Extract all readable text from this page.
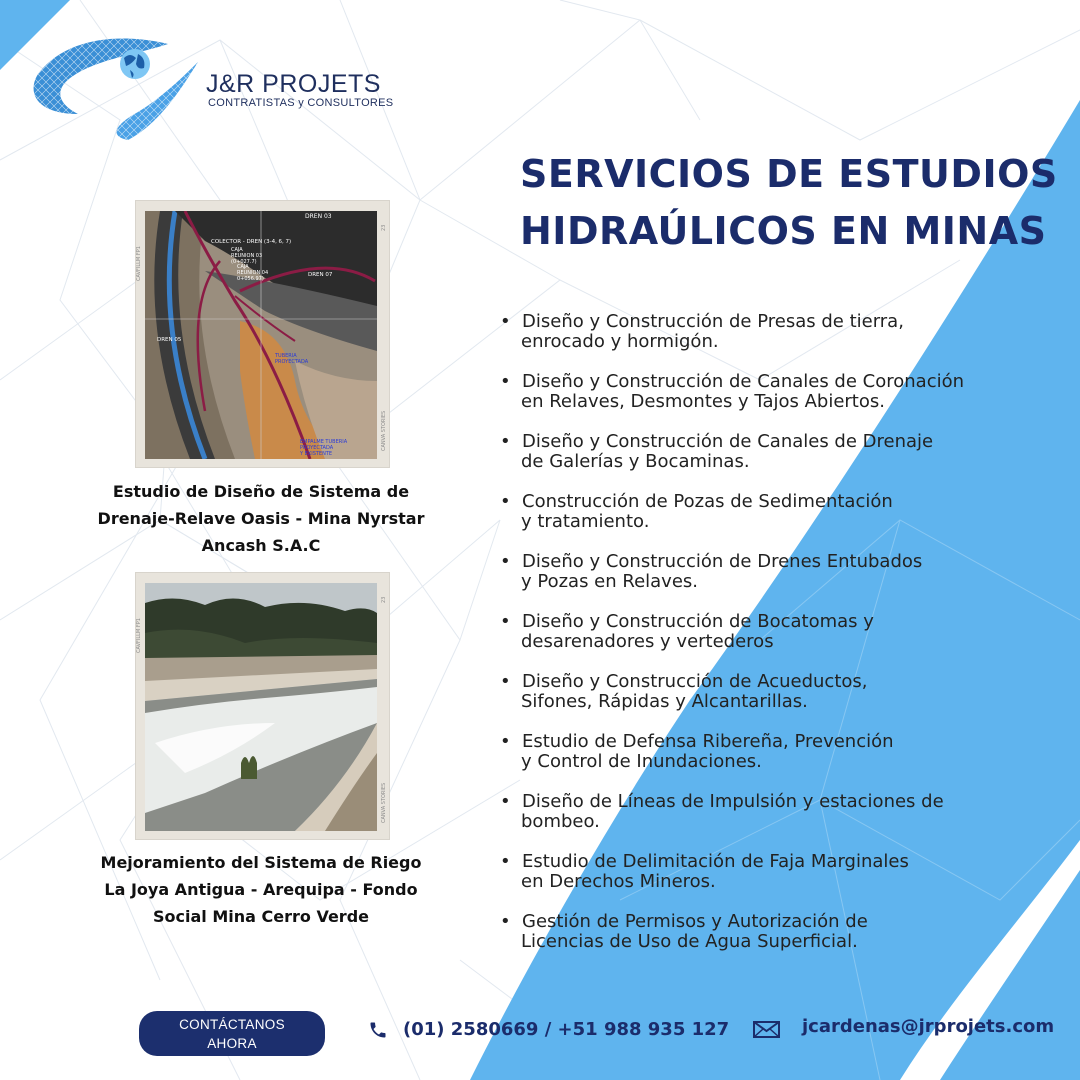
J&R PROJETS
CONTRATISTAS y CONSULTORES
SERVICIOS DE ESTUDIOS
HIDRAÚLICOS EN MINAS
• Diseño y Construcción de Presas de tierra,
enrocado y hormigón.
• Diseño y Construcción de Canales de Coronación
en Relaves, Desmontes y Tajos Abiertos.
• Diseño y Construcción de Canales de Drenaje
de Galerías y Bocaminas.
• Construcción de Pozas de Sedimentación
y tratamiento.
• Diseño y Construcción de Drenes Entubados
y Pozas en Relaves.
• Diseño y Construcción de Bocatomas y
desarenadores y vertederos
• Diseño y Construcción de Acueductos,
Sifones, Rápidas y Alcantarillas.
• Estudio de Defensa Ribereña, Prevención
y Control de Inundaciones.
• Diseño de Líneas de Impulsión y estaciones de
bombeo.
• Estudio de Delimitación de Faja Marginales
en Derechos Mineros.
• Gestión de Permisos y Autorización de
Licencias de Uso de Agua Superficial.
DREN 03
COLECTOR - DREN (3-4, 6, 7)
CAJA
REUNION 03
(0+027.7)
CAJA
REUNION 04
0+056.97)
DREN 07
DREN 05
TUBERIA
PROYECTADA
EMPALME TUBERIA
PROYECTADA
Y EXISTENTE
CAVFILLM FP1
CANVA STORIES
23
Estudio de Diseño de Sistema de
Drenaje-Relave Oasis - Mina Nyrstar
Ancash S.A.C
CAVFILLM FP1
CANVA STORIES
23
Mejoramiento del Sistema de Riego
La Joya Antigua - Arequipa - Fondo
Social Mina Cerro Verde
CONTÁCTANOS
AHORA
(01) 2580669 / +51 988 935 127	jcardenas@jrprojets.com
